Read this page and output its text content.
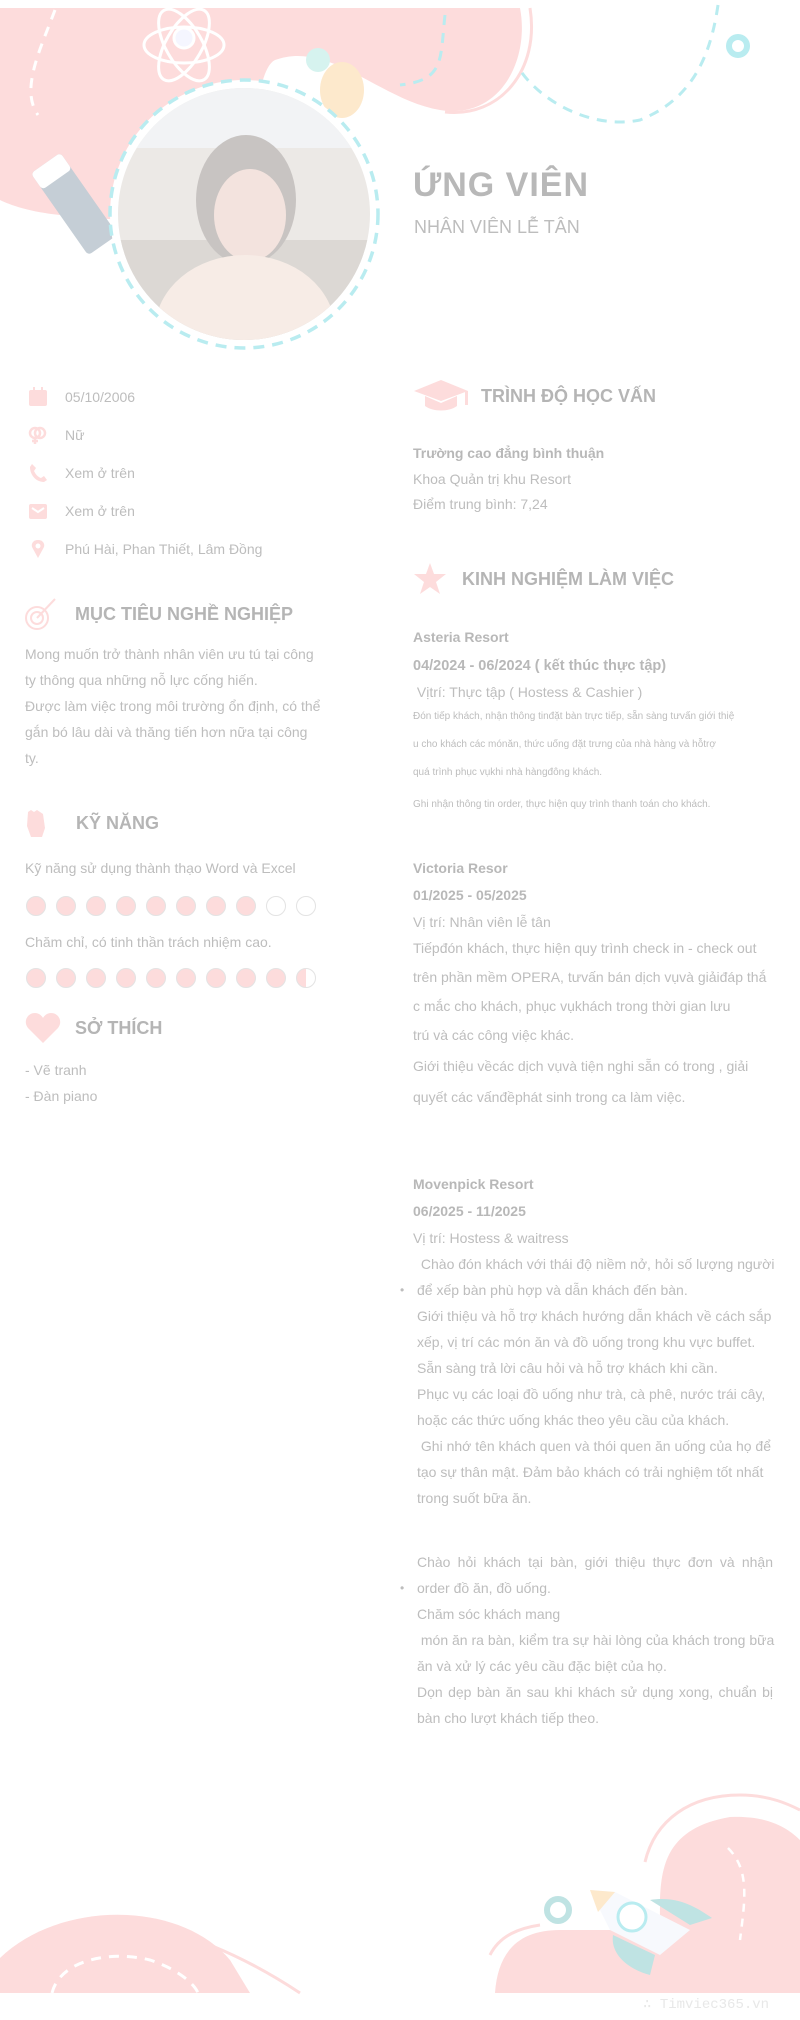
ỨNG VIÊN
NHÂN VIÊN LỄ TÂN
05/10/2006
Nữ
Xem ở trên
Xem ở trên
Phú Hài, Phan Thiết, Lâm Đồng
MỤC TIÊU NGHỀ NGHIỆP
Mong muốn trở thành nhân viên ưu tú tại công
ty thông qua những nỗ lực cống hiến.
Được làm việc trong môi trường ổn định, có thể
gắn bó lâu dài và thăng tiến hơn nữa tại công
ty.
KỸ NĂNG
Kỹ năng sử dụng thành thạo Word và Excel
Chăm chỉ, có tinh thần trách nhiệm cao.
SỞ THÍCH
- Vẽ tranh
- Đàn piano
TRÌNH ĐỘ HỌC VẤN
Trường cao đẳng bình thuận
Khoa Quản trị khu Resort
Điểm trung bình: 7,24
KINH NGHIỆM LÀM VIỆC
Asteria Resort
04/2024 - 06/2024 ( kết thúc thực tập)
Vịtrí: Thực tập ( Hostess & Cashier )
Đón tiếp khách, nhận thông tinđặt bàn trực tiếp, sẵn sàng tưvấn giới thiệ
u cho khách các mónăn, thức uống đặt trưng của nhà hàng và hỗtrợ
quá trình phục vụkhi nhà hàngđông khách.
Ghi nhận thông tin order, thực hiện quy trình thanh toán cho khách.
Victoria Resor
01/2025 - 05/2025
Vị trí: Nhân viên lễ tân
Tiếpđón khách, thực hiện quy trình check in - check out
trên phần mềm OPERA, tưvấn bán dịch vụvà giảiđáp thắ
c mắc cho khách, phục vụkhách trong thời gian lưu
trú và các công việc khác.
Giới thiệu vềcác dịch vụvà tiện nghi sẵn có trong , giải
quyết các vấnđềphát sinh trong ca làm việc.
Movenpick Resort
06/2025 - 11/2025
Vị trí: Hostess & waitress
Chào đón khách với thái độ niềm nở, hỏi số lượng người
• để xếp bàn phù hợp và dẫn khách đến bàn.
Giới thiệu và hỗ trợ khách hướng dẫn khách về cách sắp
xếp, vị trí các món ăn và đồ uống trong khu vực buffet.
Sẵn sàng trả lời câu hỏi và hỗ trợ khách khi cần.
Phục vụ các loại đồ uống như trà, cà phê, nước trái cây,
hoặc các thức uống khác theo yêu cầu của khách.
Ghi nhớ tên khách quen và thói quen ăn uống của họ để
tạo sự thân mật. Đảm bảo khách có trải nghiệm tốt nhất
trong suốt bữa ăn.
Chào hỏi khách tại bàn, giới thiệu thực đơn và nhận
• order đồ ăn, đồ uống.
Chăm sóc khách mang
món ăn ra bàn, kiểm tra sự hài lòng của khách trong bữa
ăn và xử lý các yêu cầu đặc biệt của họ.
Dọn dẹp bàn ăn sau khi khách sử dụng xong, chuẩn bị
bàn cho lượt khách tiếp theo.
∴ Timviec365.vn
